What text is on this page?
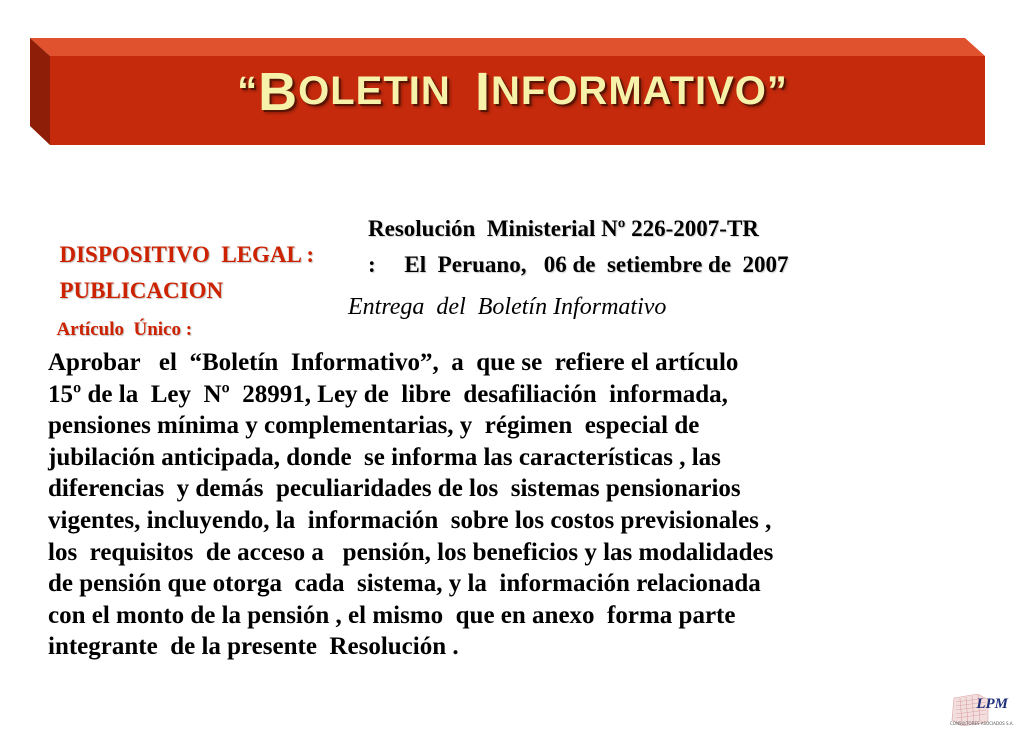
“ B OLETIN I NFORMATIVO ”

DISPOSITIVO  LEGAL :

Resolución  Ministerial Nº 226-2007-TR

PUBLICACION

:     El  Peruano,   06 de  setiembre de  2007

Artículo  Único :

Entrega  del  Boletín Informativo

Aprobar   el  “Boletín  Informativo”,  a  que se  refiere el artículo
15º de la  Ley  Nº  28991, Ley de  libre  desafiliación  informada,
pensiones mínima y complementarias, y  régimen  especial de
jubilación anticipada, donde  se informa las características , las
diferencias  y demás  peculiaridades de los  sistemas pensionarios
vigentes, incluyendo, la  información  sobre los costos previsionales ,
los  requisitos  de acceso a   pensión, los beneficios y las modalidades
de pensión que otorga  cada  sistema, y la  información relacionada
con el monto de la pensión , el mismo  que en anexo  forma parte
integrante  de la presente  Resolución .

LPM
CONSULTORES ASOCIADOS S.A.
